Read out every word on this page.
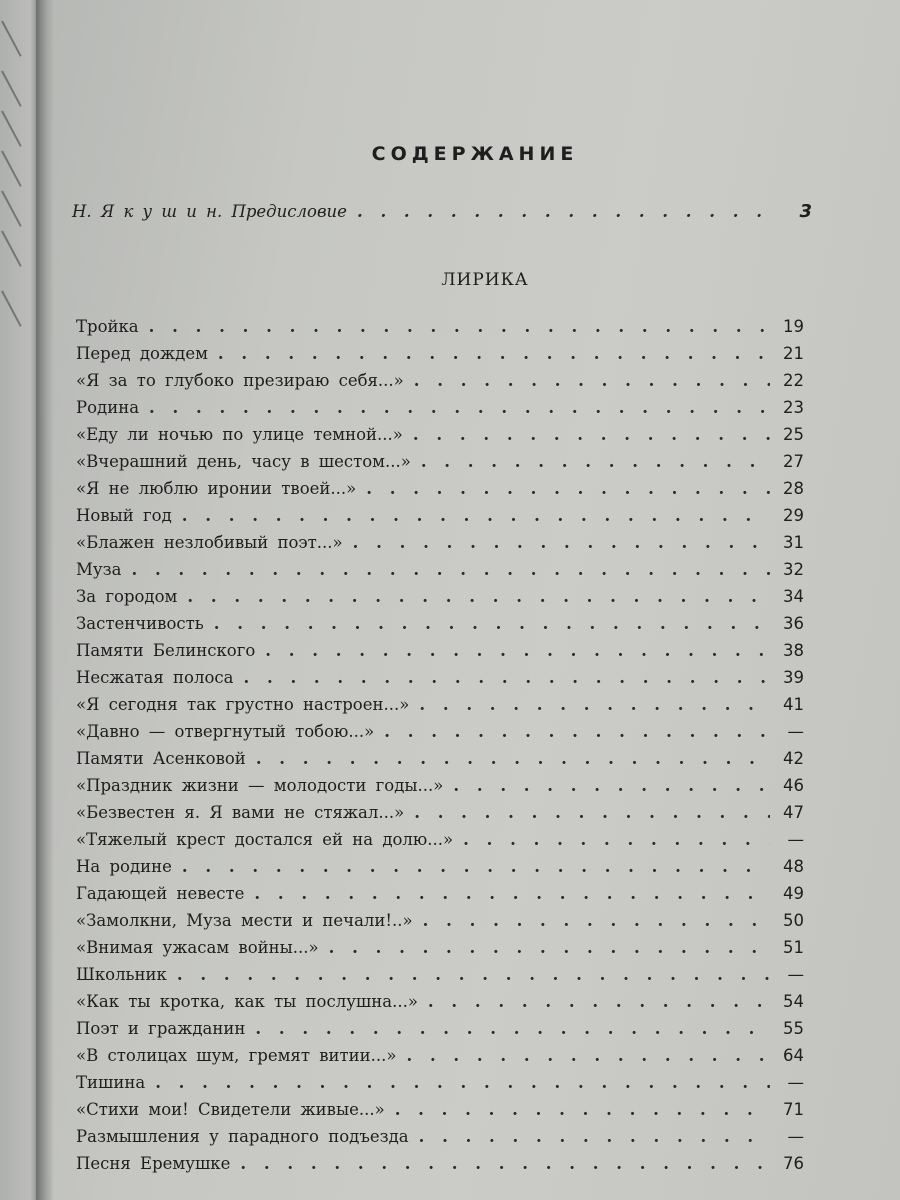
СОДЕРЖАНИЕ
Н. Я к у ш и н. Предисловие . . .	3
ЛИРИКА
Тройка . . .	19
Перед дождем . . .	21
«Я за то глубоко презираю себя...» . . .	22
Родина . . .	23
«Еду ли ночью по улице темной...» . . .	25
«Вчерашний день, часу в шестом...» . . .	27
«Я не люблю иронии твоей...» . . .	28
Новый год . . .	29
«Блажен незлобивый поэт...» . . .	31
Муза . . .	32
За городом . . .	34
Застенчивость . . .	36
Памяти Белинского . . .	38
Несжатая полоса . . .	39
«Я сегодня так грустно настроен...» . . .	41
«Давно — отвергнутый тобою...» . . .	—
Памяти Асенковой . . .	42
«Праздник жизни — молодости годы...» . . .	46
«Безвестен я. Я вами не стяжал...» . . .	47
«Тяжелый крест достался ей на долю...» . . .	—
На родине . . .	48
Гадающей невесте . . .	49
«Замолкни, Муза мести и печали!..» . . .	50
«Внимая ужасам войны...» . . .	51
Школьник . . .	—
«Как ты кротка, как ты послушна...» . . .	54
Поэт и гражданин . . .	55
«В столицах шум, гремят витии...» . . .	64
Тишина . . .	—
«Стихи мои! Свидетели живые...» . . .	71
Размышления у парадного подъезда . . .	—
Песня Еремушке . . .	76
